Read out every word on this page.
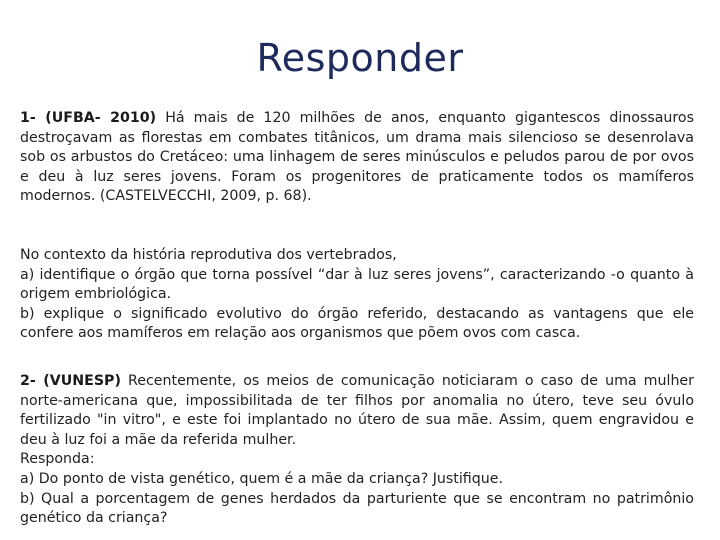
Responder
1- (UFBA- 2010) Há mais de 120 milhões de anos, enquanto gigantescos dinossauros destroçavam as florestas em combates titânicos, um drama mais silencioso se desenrolava sob os arbustos do Cretáceo: uma linhagem de seres minúsculos e peludos parou de por ovos e deu à luz seres jovens. Foram os progenitores de praticamente todos os mamíferos modernos. (CASTELVECCHI, 2009, p. 68).
No contexto da história reprodutiva dos vertebrados,
a) identifique o órgão que torna possível “dar à luz seres jovens”, caracterizando -o quanto à origem embriológica.
b) explique o significado evolutivo do órgão referido, destacando as vantagens que ele confere aos mamíferos em relação aos organismos que põem ovos com casca.
2- (VUNESP) Recentemente, os meios de comunicação noticiaram o caso de uma mulher norte-americana que, impossibilitada de ter filhos por anomalia no útero, teve seu óvulo fertilizado "in vitro", e este foi implantado no útero de sua mãe. Assim, quem engravidou e deu à luz foi a mãe da referida mulher.
Responda:
a) Do ponto de vista genético, quem é a mãe da criança? Justifique.
b) Qual a porcentagem de genes herdados da parturiente que se encontram no patrimônio genético da criança?
